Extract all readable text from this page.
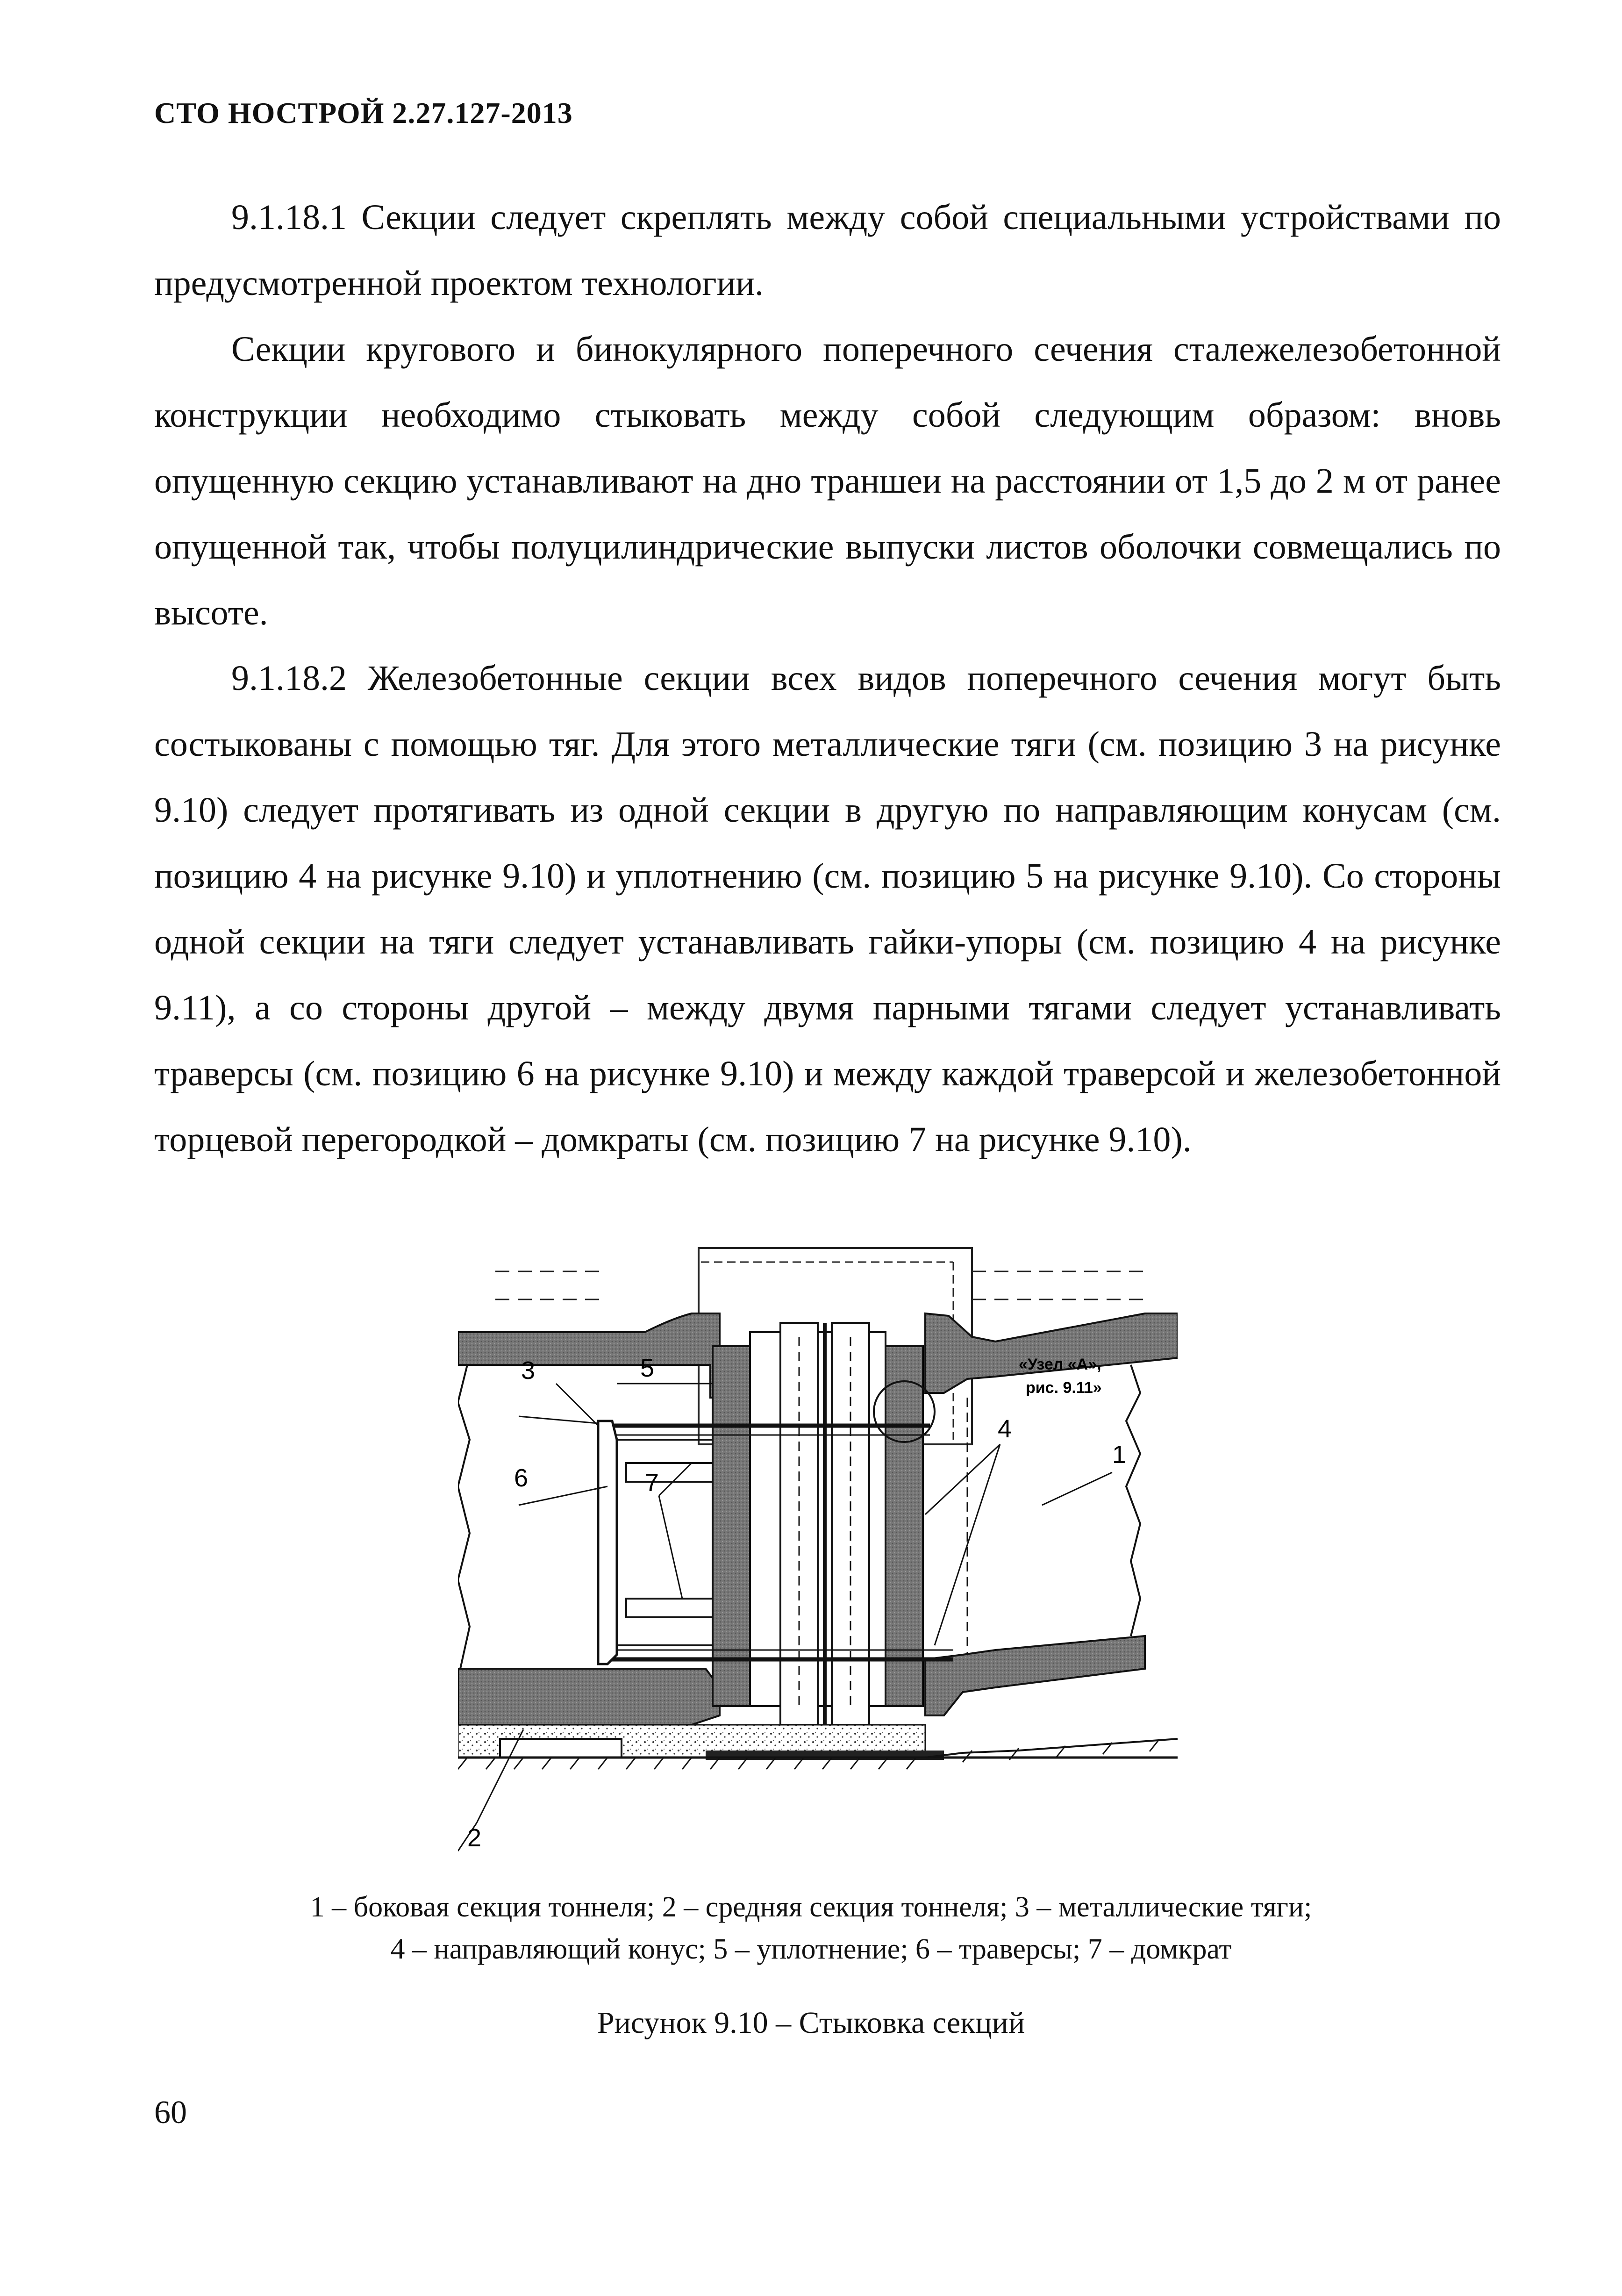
СТО НОСТРОЙ 2.27.127-2013
9.1.18.1 Секции следует скреплять между собой специальными устройствами по предусмотренной проектом технологии.
Секции кругового и бинокулярного поперечного сечения сталежелезобетонной конструкции необходимо стыковать между собой следующим образом: вновь опущенную секцию устанавливают на дно траншеи на расстоянии от 1,5 до 2 м от ранее опущенной так, чтобы полуцилиндрические выпуски листов оболочки совмещались по высоте.
9.1.18.2 Железобетонные секции всех видов поперечного сечения могут быть состыкованы с помощью тяг. Для этого металлические тяги (см. позицию 3 на рисунке 9.10) следует протягивать из одной секции в другую по направляющим конусам (см. позицию 4 на рисунке 9.10) и уплотнению (см. позицию 5 на рисунке 9.10). Со стороны одной секции на тяги следует устанавливать гайки-упоры (см. позицию 4 на рисунке 9.11), а со стороны другой – между двумя парными тягами следует устанавливать траверсы (см. позицию 6 на рисунке 9.10) и между каждой траверсой и железобетонной торцевой перегородкой – домкраты (см. позицию 7 на рисунке 9.10).
3	5
6	7
4
1
2
«Узел «А»,
рис. 9.11»
1 – боковая секция тоннеля; 2 – средняя секция тоннеля; 3 – металлические тяги;
4 – направляющий конус; 5 – уплотнение; 6 – траверсы; 7 – домкрат
Рисунок 9.10 – Стыковка секций
60
